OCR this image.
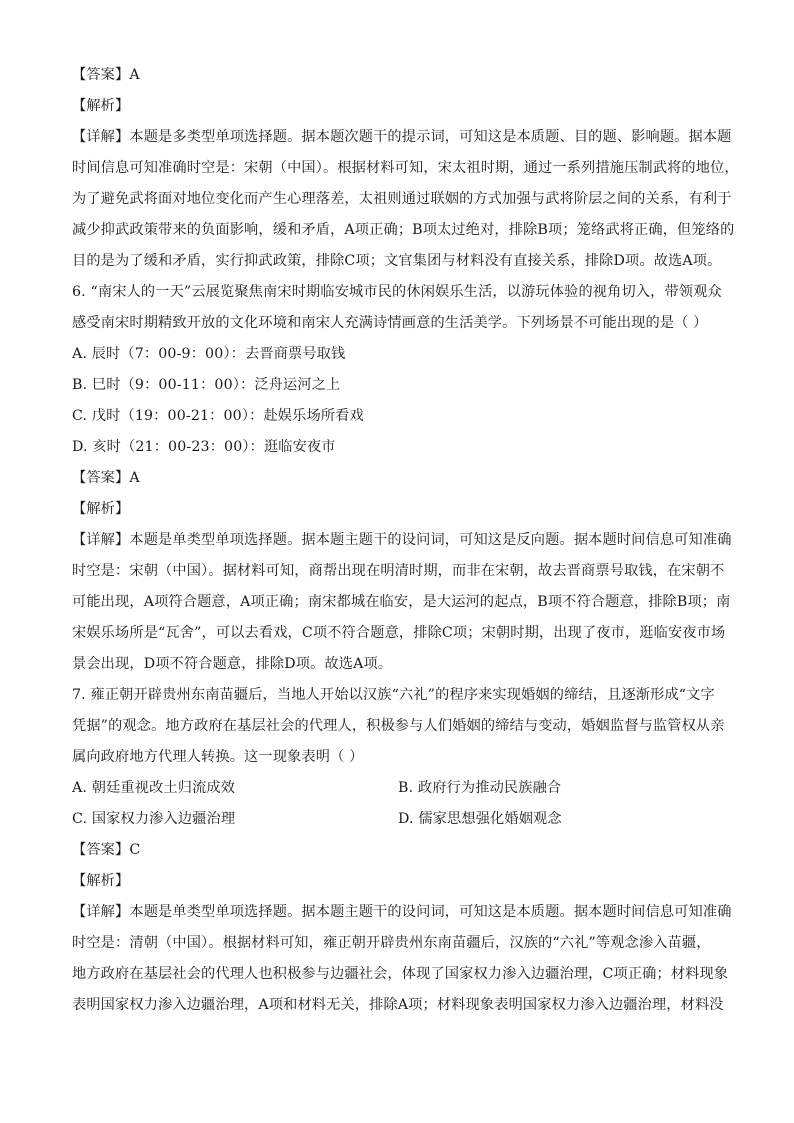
【答案】A
【解析】
【详解】本题是多类型单项选择题。据本题次题干的提示词，可知这是本质题、目的题、影响题。据本题
时间信息可知准确时空是：宋朝（中国）。根据材料可知，宋太祖时期，通过一系列措施压制武将的地位，
为了避免武将面对地位变化而产生心理落差，太祖则通过联姻的方式加强与武将阶层之间的关系，有利于
减少抑武政策带来的负面影响，缓和矛盾，A项正确；B项太过绝对，排除B项；笼络武将正确，但笼络的
目的是为了缓和矛盾，实行抑武政策，排除C项；文官集团与材料没有直接关系，排除D项。故选A项。
6. “南宋人的一天”云展览聚焦南宋时期临安城市民的休闲娱乐生活，以游玩体验的视角切入，带领观众
感受南宋时期精致开放的文化环境和南宋人充满诗情画意的生活美学。下列场景不可能出现的是（ ）
A. 辰时（7：00-9：00）：去晋商票号取钱
B. 巳时（9：00-11：00）：泛舟运河之上
C. 戊时（19：00-21：00）：赴娱乐场所看戏
D. 亥时（21：00-23：00）：逛临安夜市
【答案】A
【解析】
【详解】本题是单类型单项选择题。据本题主题干的设问词，可知这是反向题。据本题时间信息可知准确
时空是：宋朝（中国）。据材料可知，商帮出现在明清时期，而非在宋朝，故去晋商票号取钱，在宋朝不
可能出现，A项符合题意，A项正确；南宋都城在临安，是大运河的起点，B项不符合题意，排除B项；南
宋娱乐场所是“瓦舍”，可以去看戏，C项不符合题意，排除C项；宋朝时期，出现了夜市，逛临安夜市场
景会出现，D项不符合题意，排除D项。故选A项。
7. 雍正朝开辟贵州东南苗疆后，当地人开始以汉族“六礼”的程序来实现婚姻的缔结，且逐渐形成“文字
凭据”的观念。地方政府在基层社会的代理人，积极参与人们婚姻的缔结与变动，婚姻监督与监管权从亲
属向政府地方代理人转换。这一现象表明（ ）
A. 朝廷重视改土归流成效	B. 政府行为推动民族融合
C. 国家权力渗入边疆治理	D. 儒家思想强化婚姻观念
【答案】C
【解析】
【详解】本题是单类型单项选择题。据本题主题干的设问词，可知这是本质题。据本题时间信息可知准确
时空是：清朝（中国）。根据材料可知，雍正朝开辟贵州东南苗疆后，汉族的“六礼”等观念渗入苗疆，
地方政府在基层社会的代理人也积极参与边疆社会，体现了国家权力渗入边疆治理，C项正确；材料现象
表明国家权力渗入边疆治理，A项和材料无关，排除A项；材料现象表明国家权力渗入边疆治理，材料没
